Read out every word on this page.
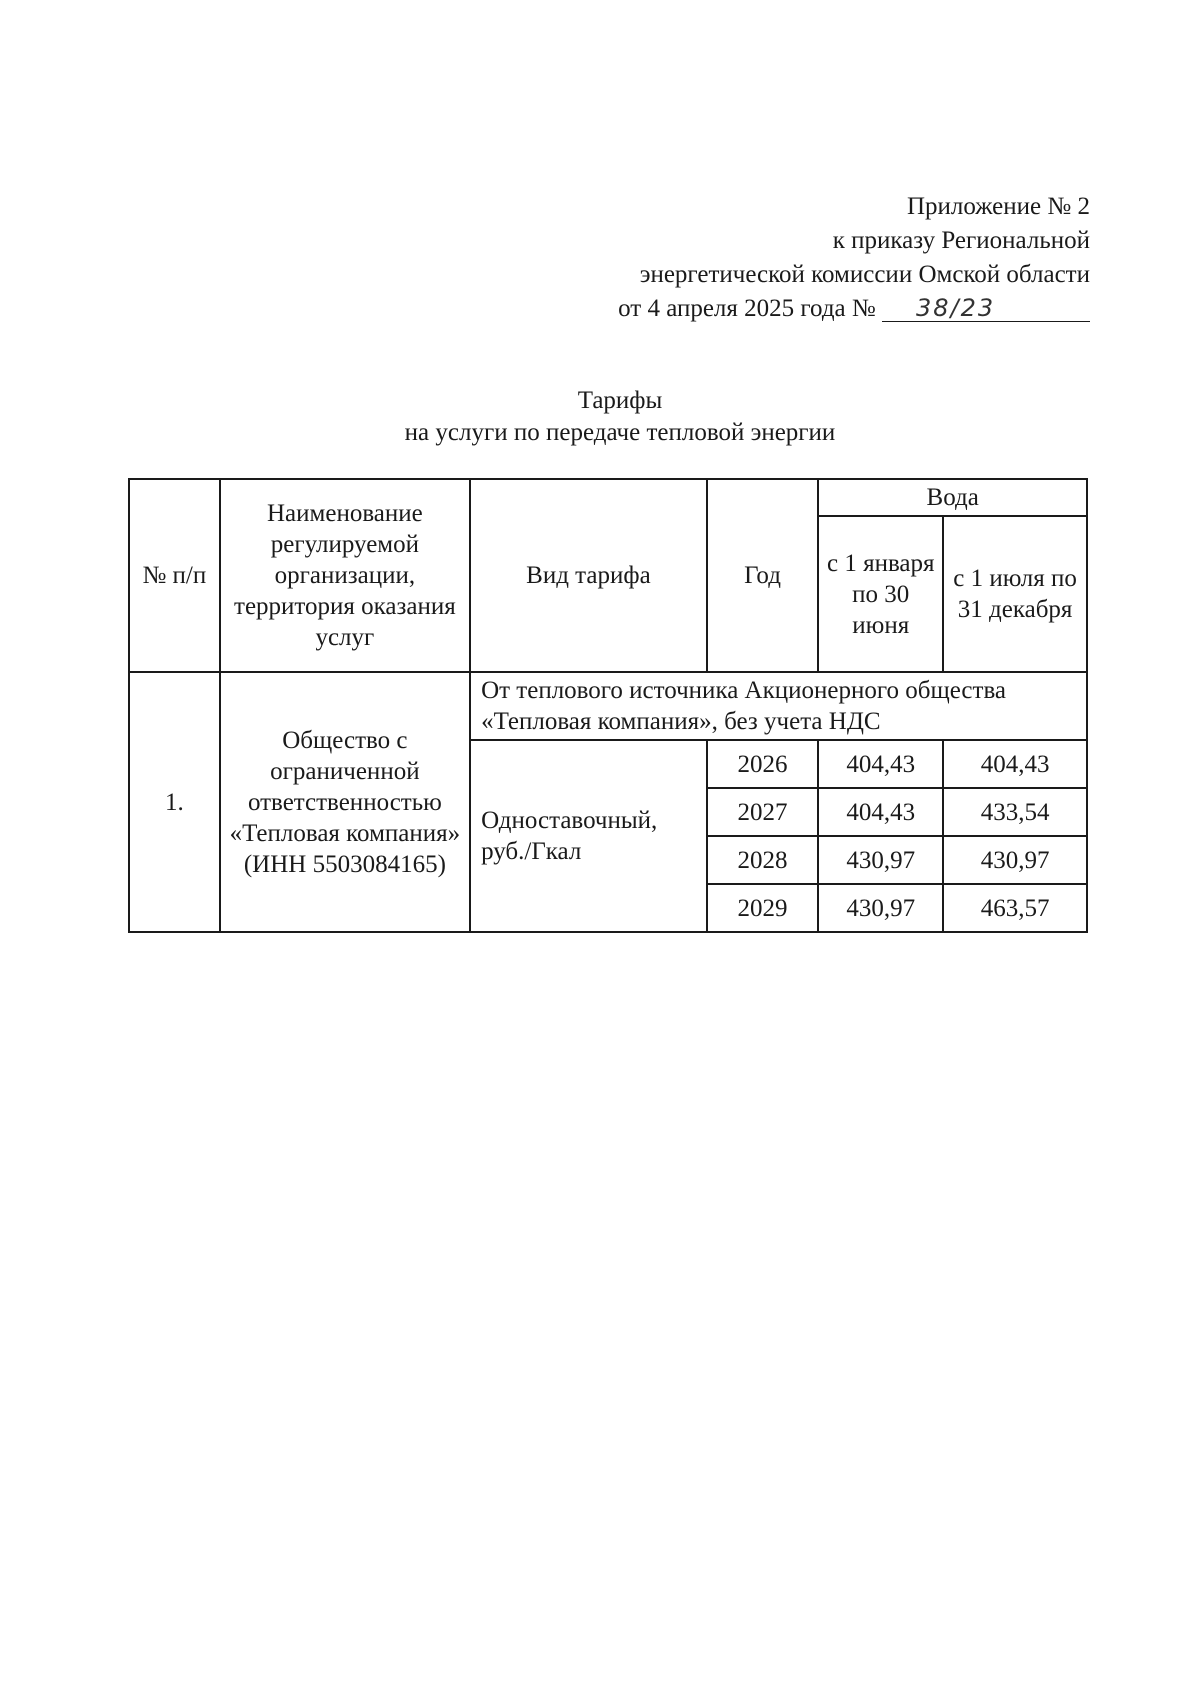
Приложение № 2
к приказу Региональной
энергетической комиссии Омской области
от 4 апреля 2025 года № 38/23
Тарифы
на услуги по передаче тепловой энергии
№ п/п	Наименование регулируемой организации, территория оказания услуг	Вид тарифа	Год	Вода	
				с 1 января по 30 июня	с 1 июля по 31 декабря
1.	Общество с ограниченной ответственностью «Тепловая компания» (ИНН 5503084165)	От теплового источника Акционерного общества «Тепловая компания», без учета НДС			
		Одноставочный, руб./Гкал	2026	404,43	404,43
			2027	404,43	433,54
			2028	430,97	430,97
			2029	430,97	463,57
